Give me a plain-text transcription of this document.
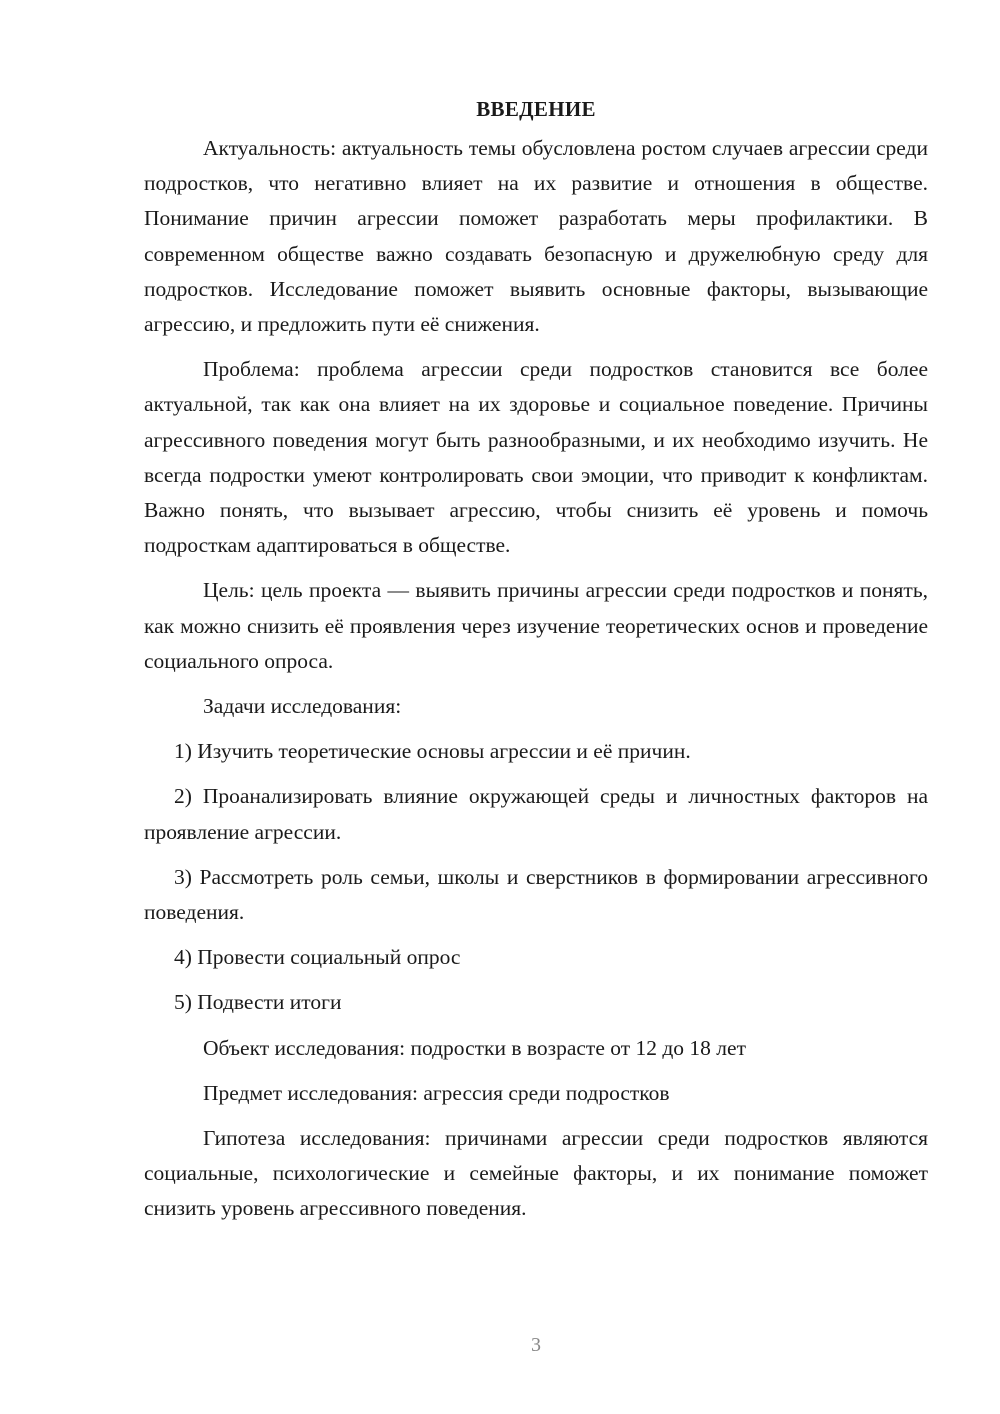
ВВЕДЕНИЕ

Актуальность: актуальность темы обусловлена ростом случаев агрессии среди подростков, что негативно влияет на их развитие и отношения в обществе. Понимание причин агрессии поможет разработать меры профилактики. В современном обществе важно создавать безопасную и дружелюбную среду для подростков. Исследование поможет выявить основные факторы, вызывающие агрессию, и предложить пути её снижения.

Проблема: проблема агрессии среди подростков становится все более актуальной, так как она влияет на их здоровье и социальное поведение. Причины агрессивного поведения могут быть разнообразными, и их необходимо изучить. Не всегда подростки умеют контролировать свои эмоции, что приводит к конфликтам. Важно понять, что вызывает агрессию, чтобы снизить её уровень и помочь подросткам адаптироваться в обществе.

Цель: цель проекта — выявить причины агрессии среди подростков и понять, как можно снизить её проявления через изучение теоретических основ и проведение социального опроса.

Задачи исследования:

1) Изучить теоретические основы агрессии и её причин.

2) Проанализировать влияние окружающей среды и личностных факторов на проявление агрессии.

3) Рассмотреть роль семьи, школы и сверстников в формировании агрессивного поведения.

4) Провести социальный опрос

5) Подвести итоги

Объект исследования: подростки в возрасте от 12 до 18 лет

Предмет исследования: агрессия среди подростков

Гипотеза исследования: причинами агрессии среди подростков являются социальные, психологические и семейные факторы, и их понимание поможет снизить уровень агрессивного поведения.

3
